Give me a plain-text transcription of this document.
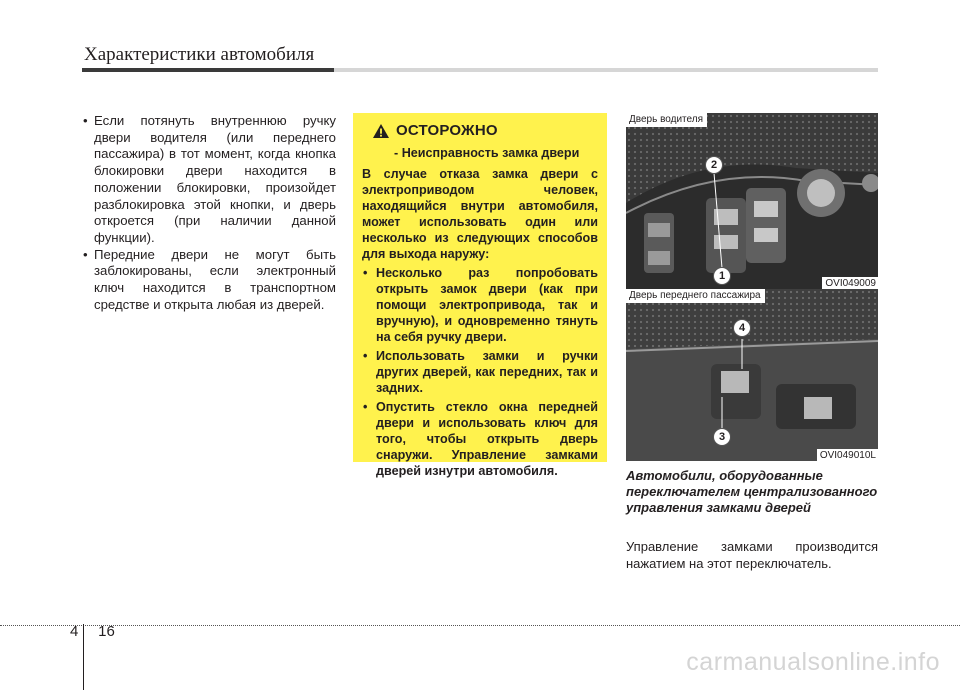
Характеристики автомобиля
• Если потянуть внутреннюю ручку двери водителя (или переднего пассажира) в тот момент, когда кнопка блокировки двери находится в положении блокировки, произойдет разблокировка этой кнопки, и дверь откроется (при наличии данной функции).
• Передние двери не могут быть заблокированы, если электронный ключ находится в транспортном средстве и открыта любая из дверей.
ОСТОРОЖНО
- Неисправность замка двери
В случае отказа замка двери с электроприводом человек, находящийся внутри автомобиля, может использовать один или несколько из следующих способов для выхода наружу:
• Несколько раз попробовать открыть замок двери (как при помощи электропривода, так и вручную), и одновременно тянуть на себя ручку двери.
• Использовать замки и ручки других дверей, как передних, так и задних.
• Опустить стекло окна передней двери и использовать ключ для того, чтобы открыть дверь снаружи. Управление замками дверей изнутри автомобиля.
Дверь водителя
2
1
OVI049009
Дверь переднего пассажира
4
3
OVI049010L
Автомобили, оборудованные переключателем централизованного управления замками дверей
Управление замками производится нажатием на этот переключатель.
4 16
carmanualsonline.info
